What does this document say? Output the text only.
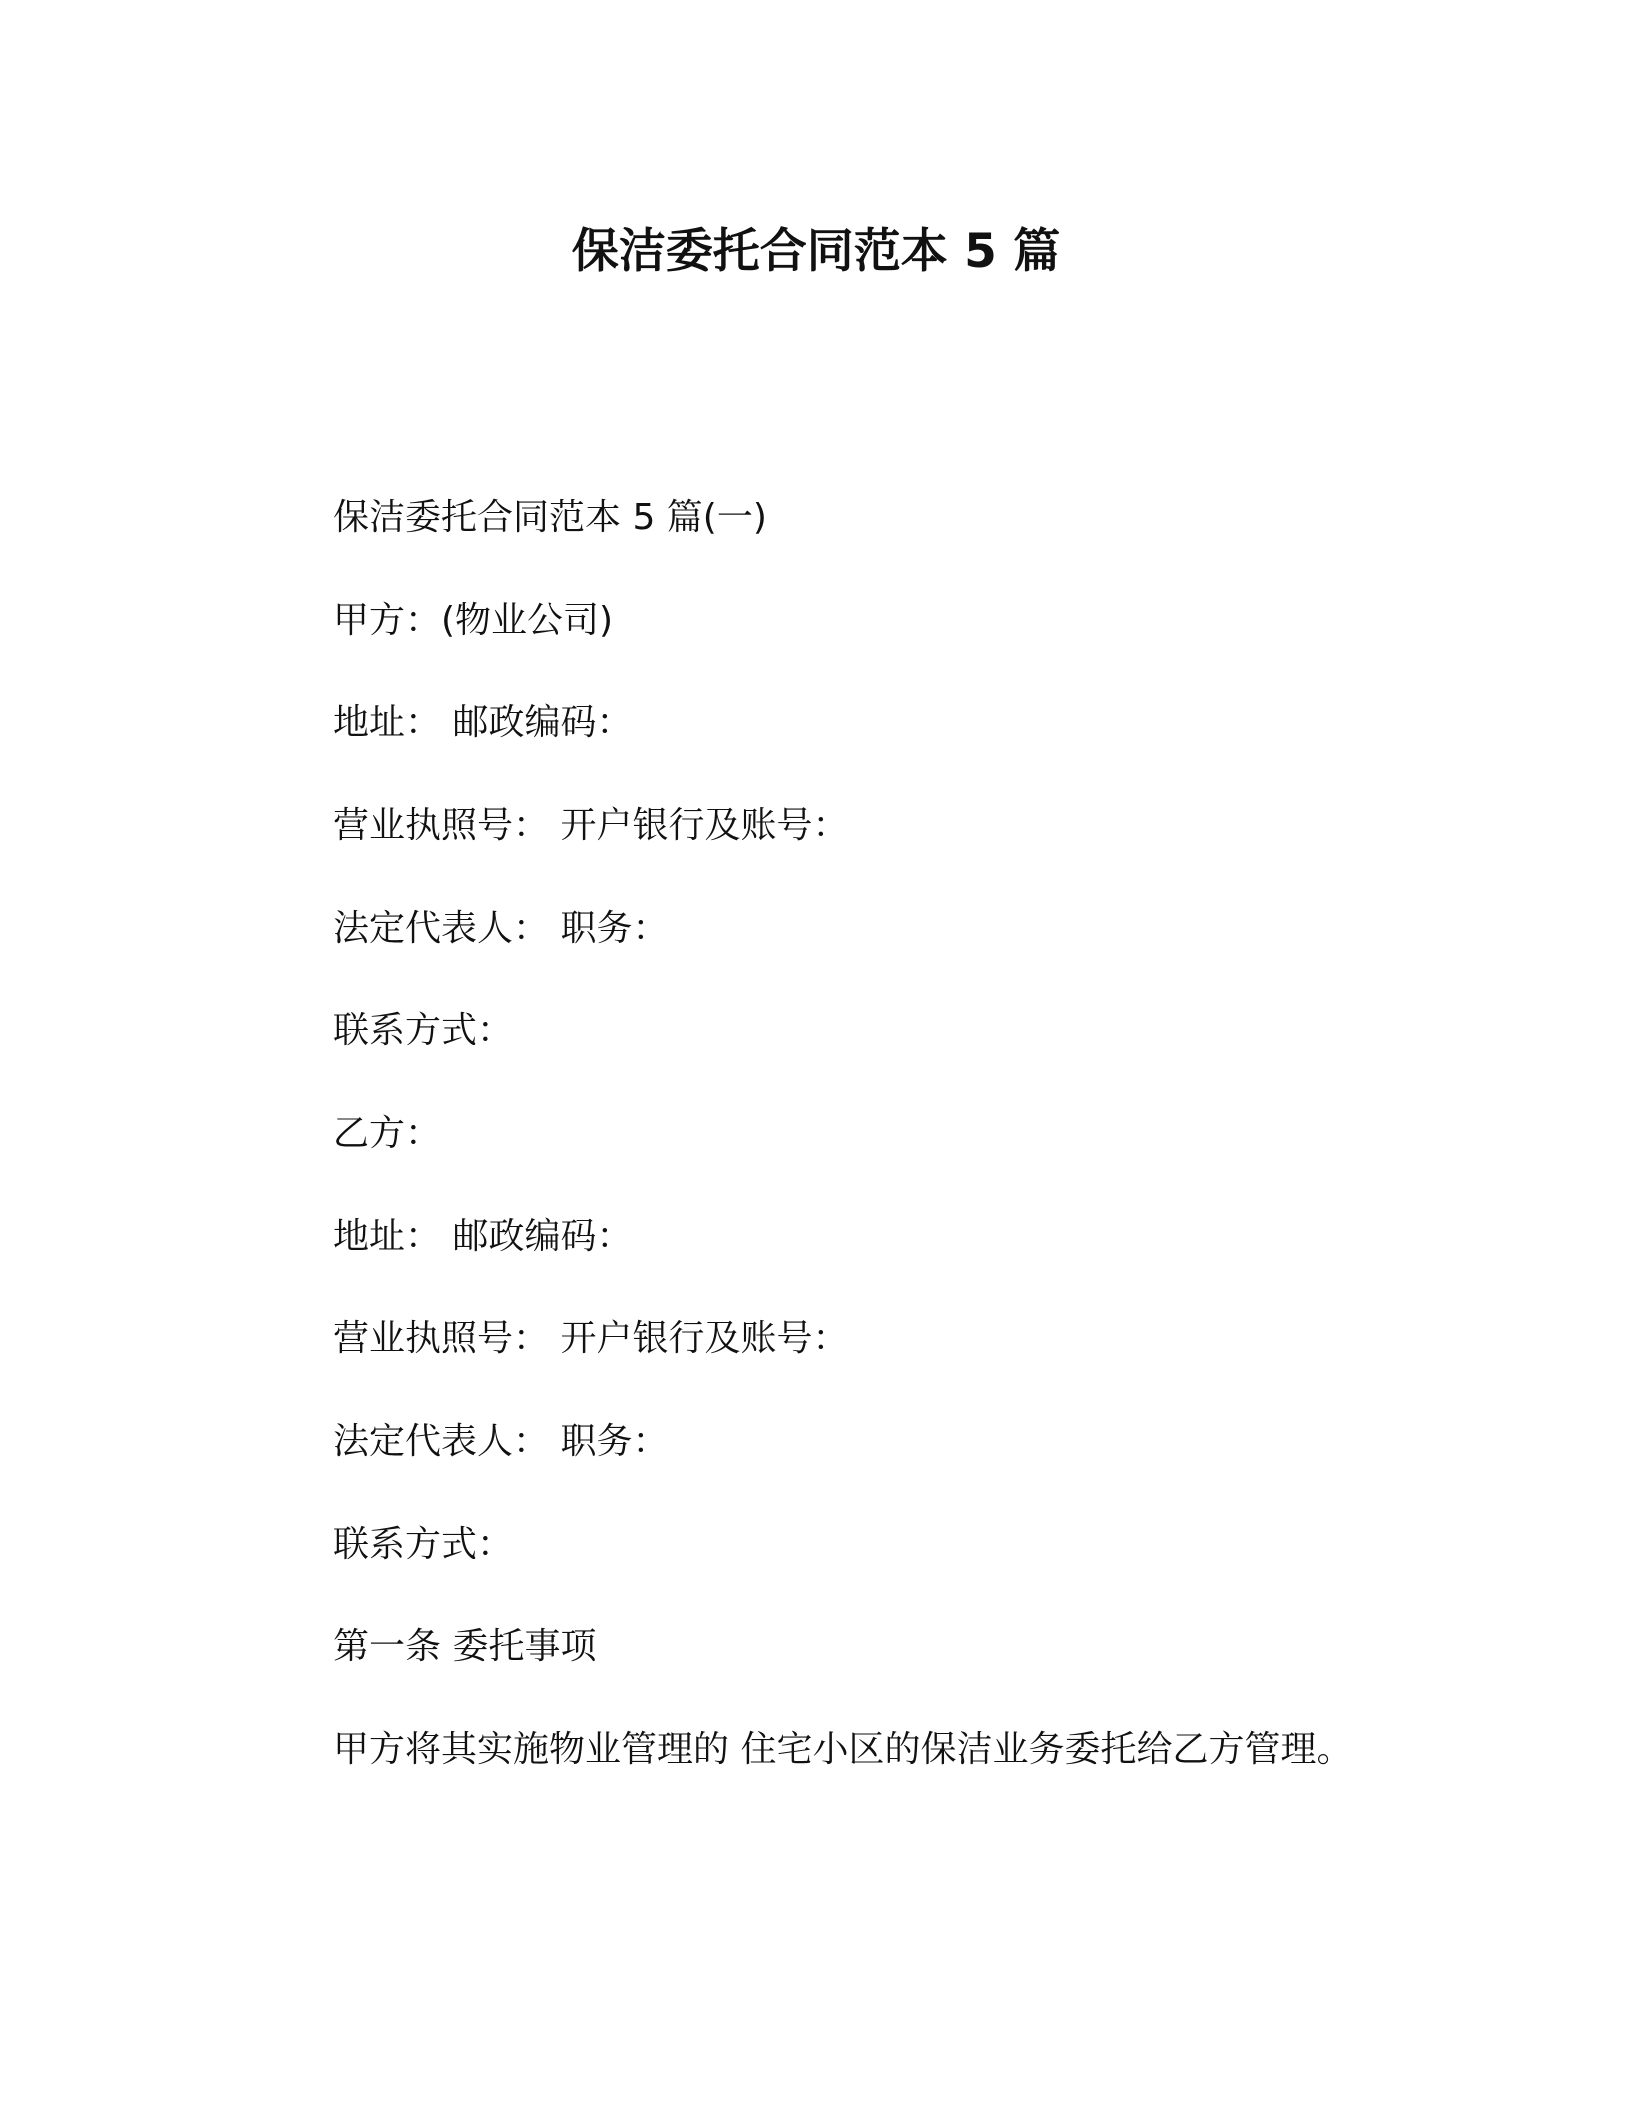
保洁委托合同范本 5 篇

保洁委托合同范本 5 篇(一)

甲方：(物业公司)

地址： 邮政编码：

营业执照号： 开户银行及账号：

法定代表人： 职务：

联系方式：

乙方：

地址： 邮政编码：

营业执照号： 开户银行及账号：

法定代表人： 职务：

联系方式：

第一条 委托事项

甲方将其实施物业管理的 住宅小区的保洁业务委托给乙方管理。
